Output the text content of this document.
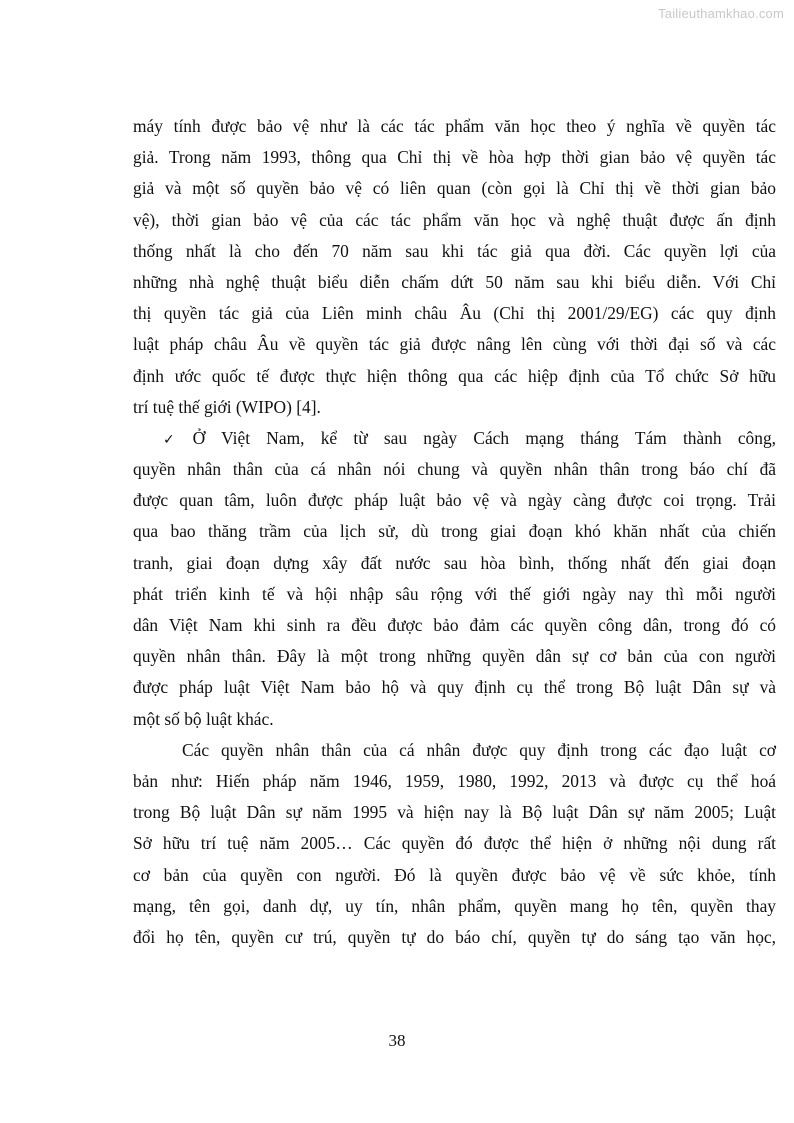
Tailieuthamkhao.com
máy tính được bảo vệ như là các tác phẩm văn học theo ý nghĩa về quyền tác
giả. Trong năm 1993, thông qua Chỉ thị về hòa hợp thời gian bảo vệ quyền tác
giả và một số quyền bảo vệ có liên quan (còn gọi là Chỉ thị về thời gian bảo
vệ), thời gian bảo vệ của các tác phẩm văn học và nghệ thuật được ấn định
thống nhất là cho đến 70 năm sau khi tác giả qua đời. Các quyền lợi của
những nhà nghệ thuật biểu diễn chấm dứt 50 năm sau khi biểu diễn. Với Chỉ
thị quyền tác giả của Liên minh châu Âu (Chỉ thị 2001/29/EG) các quy định
luật pháp châu Âu về quyền tác giả được nâng lên cùng với thời đại số và các
định ước quốc tế được thực hiện thông qua các hiệp định của Tổ chức Sở hữu
trí tuệ thế giới (WIPO) [4].
✓ Ở Việt Nam, kể từ sau ngày Cách mạng tháng Tám thành công,
quyền nhân thân của cá nhân nói chung và quyền nhân thân trong báo chí đã
được quan tâm, luôn được pháp luật bảo vệ và ngày càng được coi trọng. Trải
qua bao thăng trầm của lịch sử, dù trong giai đoạn khó khăn nhất của chiến
tranh, giai đoạn dựng xây đất nước sau hòa bình, thống nhất đến giai đoạn
phát triển kinh tế và hội nhập sâu rộng với thế giới ngày nay thì mỗi người
dân Việt Nam khi sinh ra đều được bảo đảm các quyền công dân, trong đó có
quyền nhân thân. Đây là một trong những quyền dân sự cơ bản của con người
được pháp luật Việt Nam bảo hộ và quy định cụ thể trong Bộ luật Dân sự và
một số bộ luật khác.
Các quyền nhân thân của cá nhân được quy định trong các đạo luật cơ
bản như: Hiến pháp năm 1946, 1959, 1980, 1992, 2013 và được cụ thể hoá
trong Bộ luật Dân sự năm 1995 và hiện nay là Bộ luật Dân sự năm 2005; Luật
Sở hữu trí tuệ năm 2005… Các quyền đó được thể hiện ở những nội dung rất
cơ bản của quyền con người. Đó là quyền được bảo vệ về sức khỏe, tính
mạng, tên gọi, danh dự, uy tín, nhân phẩm, quyền mang họ tên, quyền thay
đổi họ tên, quyền cư trú, quyền tự do báo chí, quyền tự do sáng tạo văn học,
38
